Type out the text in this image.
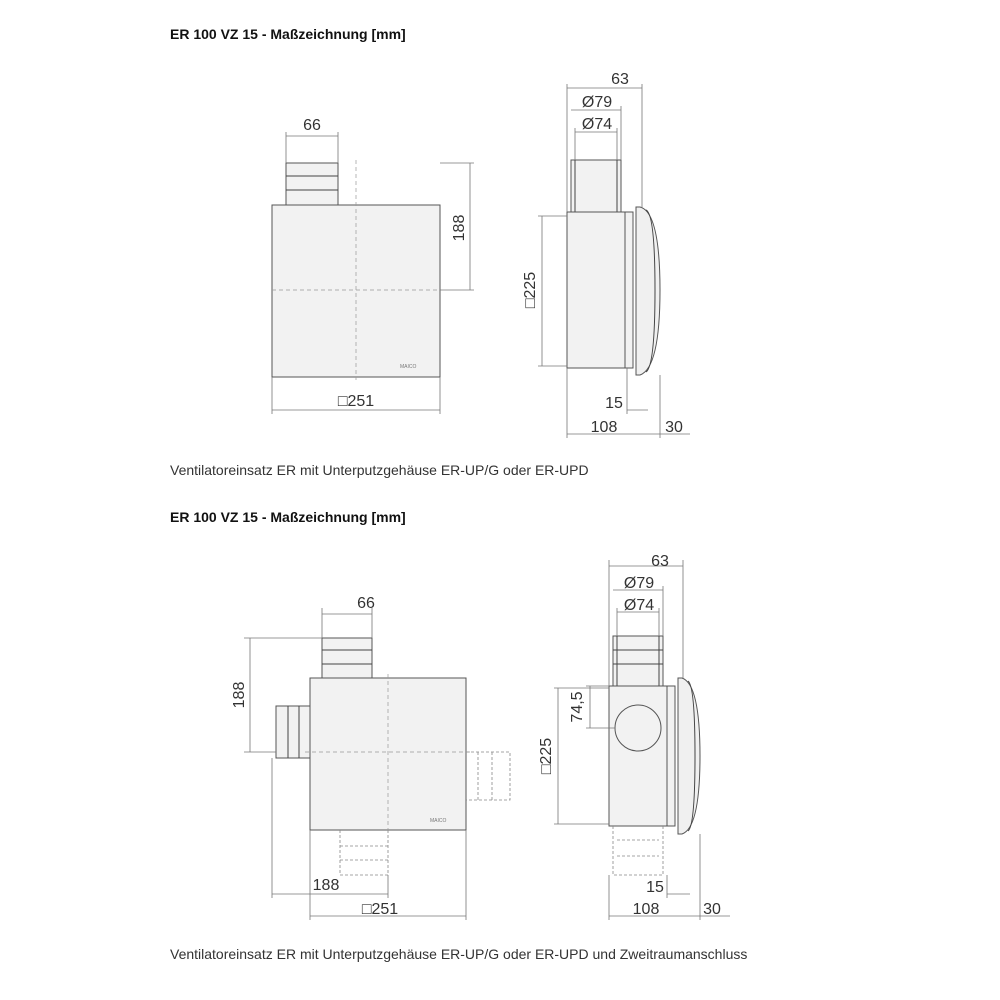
ER 100 VZ 15 - Maßzeichnung [mm]
Ventilatoreinsatz ER mit Unterputzgehäuse ER-UP/G oder ER-UPD
ER 100 VZ 15 - Maßzeichnung [mm]
Ventilatoreinsatz ER mit Unterputzgehäuse ER-UP/G oder ER-UPD und Zweitraumanschluss
MAICO
66
188
□251
63
Ø79
Ø74
□225
15
108	30
MAICO
66
188
188
□251
63
Ø79
Ø74
74,5
□225
15
108	30
